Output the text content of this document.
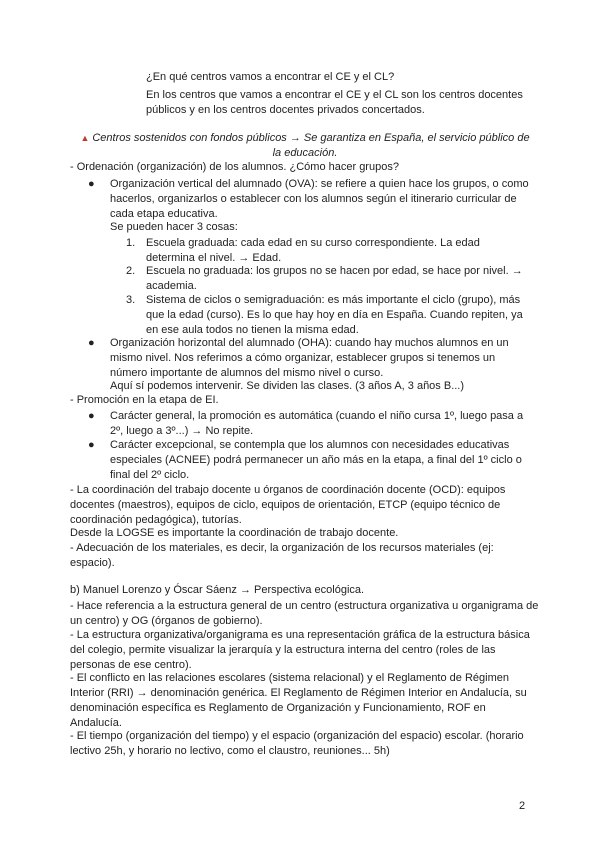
¿En qué centros vamos a encontrar el CE y el CL?

En los centros que vamos a encontrar el CE y el CL son los centros docentes públicos y en los centros docentes privados concertados.

▲ Centros sostenidos con fondos públicos → Se garantiza en España, el servicio público de la educación.

- Ordenación (organización) de los alumnos. ¿Cómo hacer grupos?

● Organización vertical del alumnado (OVA): se refiere a quien hace los grupos, o como hacerlos, organizarlos o establecer con los alumnos según el itinerario curricular de cada etapa educativa.

Se pueden hacer 3 cosas:

1. Escuela graduada: cada edad en su curso correspondiente. La edad determina el nivel. → Edad.

2. Escuela no graduada: los grupos no se hacen por edad, se hace por nivel. → academia.

3. Sistema de ciclos o semigraduación: es más importante el ciclo (grupo), más que la edad (curso). Es lo que hay hoy en día en España. Cuando repiten, ya en ese aula todos no tienen la misma edad.

● Organización horizontal del alumnado (OHA): cuando hay muchos alumnos en un mismo nivel. Nos referimos a cómo organizar, establecer grupos si tenemos un número importante de alumnos del mismo nivel o curso.

Aquí sí podemos intervenir. Se dividen las clases. (3 años A, 3 años B...)

- Promoción en la etapa de EI.

● Carácter general, la promoción es automática (cuando el niño cursa 1º, luego pasa a 2º, luego a 3º...) → No repite.

● Carácter excepcional, se contempla que los alumnos con necesidades educativas especiales (ACNEE) podrá permanecer un año más en la etapa, a final del 1º ciclo o final del 2º ciclo.

- La coordinación del trabajo docente u órganos de coordinación docente (OCD): equipos docentes (maestros), equipos de ciclo, equipos de orientación, ETCP (equipo técnico de coordinación pedagógica), tutorías.

Desde la LOGSE es importante la coordinación de trabajo docente.

- Adecuación de los materiales, es decir, la organización de los recursos materiales (ej: espacio).

b) Manuel Lorenzo y Óscar Sáenz → Perspectiva ecológica.

- Hace referencia a la estructura general de un centro (estructura organizativa u organigrama de un centro) y OG (órganos de gobierno).

- La estructura organizativa/organigrama es una representación gráfica de la estructura básica del colegio, permite visualizar la jerarquía y la estructura interna del centro (roles de las personas de ese centro).

- El conflicto en las relaciones escolares (sistema relacional) y el Reglamento de Régimen Interior (RRI) → denominación genérica. El Reglamento de Régimen Interior en Andalucía, su denominación específica es Reglamento de Organización y Funcionamiento, ROF en Andalucía.

- El tiempo (organización del tiempo) y el espacio (organización del espacio) escolar. (horario lectivo 25h, y horario no lectivo, como el claustro, reuniones... 5h)

2
